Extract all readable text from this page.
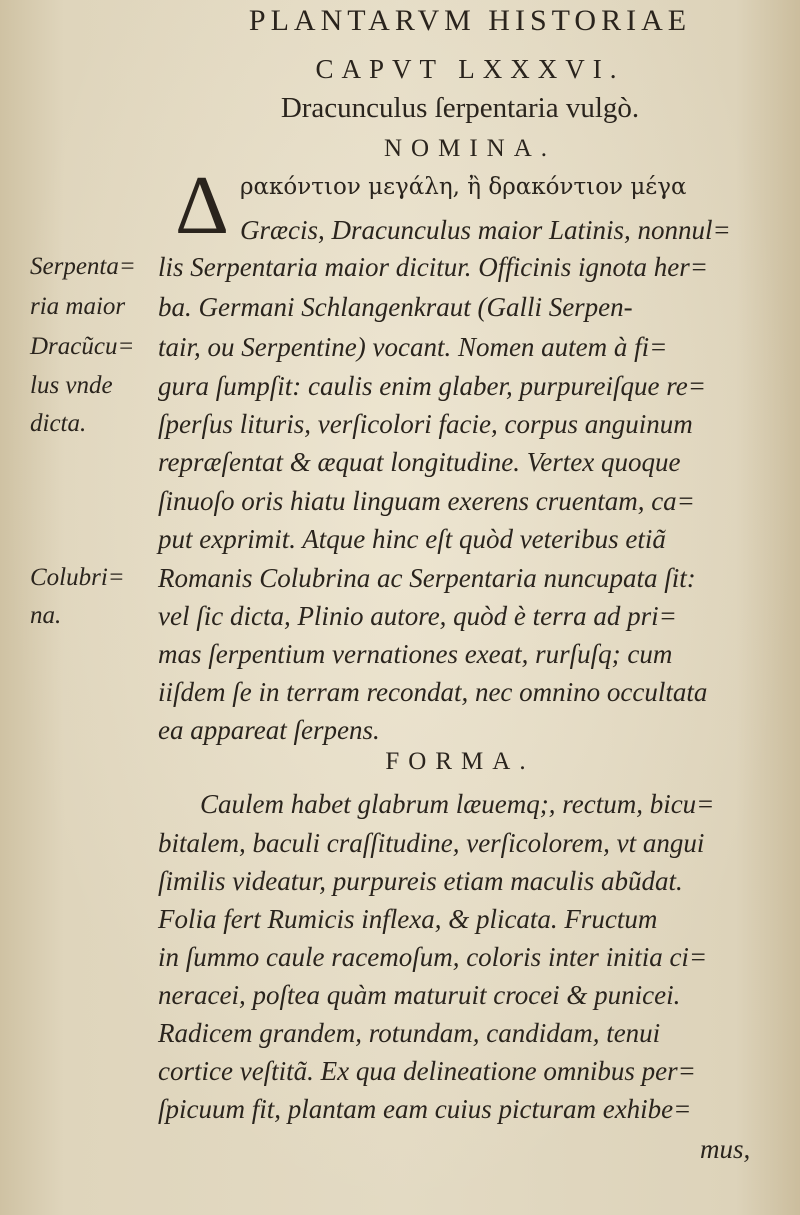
PLANTARVM HISTORIAE
CAPVT LXXXVI.
Dracunculus ſerpentaria vulgò.
NOMINA.
Δ ρακόντιον μεγάλη, ἢ δρακόντιον μέγα
Græcis, Dracunculus maior Latinis, nonnul=
lis Serpentaria maior dicitur. Officinis ignota her=
ba. Germani Schlangenkraut (Galli Serpen-
tair, ou Serpentine) vocant. Nomen autem à fi=
gura ſumpſit: caulis enim glaber, purpureiſque re=
ſperſus lituris, verſicolori facie, corpus anguinum
repræſentat & æquat longitudine. Vertex quoque
ſinuoſo oris hiatu linguam exerens cruentam, ca=
put exprimit. Atque hinc eſt quòd veteribus etiã
Romanis Colubrina ac Serpentaria nuncupata ſit:
vel ſic dicta, Plinio autore, quòd è terra ad pri=
mas ſerpentium vernationes exeat, rurſuſq; cum
iiſdem ſe in terram recondat, nec omnino occultata
ea appareat ſerpens.
FORMA.
Caulem habet glabrum læuemq;, rectum, bicu=
bitalem, baculi craſſitudine, verſicolorem, vt angui
ſimilis videatur, purpureis etiam maculis abũdat.
Folia fert Rumicis inflexa, & plicata. Fructum
in ſummo caule racemoſum, coloris inter initia ci=
neracei, poſtea quàm maturuit crocei & punicei.
Radicem grandem, rotundam, candidam, tenui
cortice veſtitã. Ex qua delineatione omnibus per=
ſpicuum fit, plantam eam cuius picturam exhibe=
mus,
Serpenta=
ria maior
Dracũcu=
lus vnde
dicta.
Colubri=
na.
